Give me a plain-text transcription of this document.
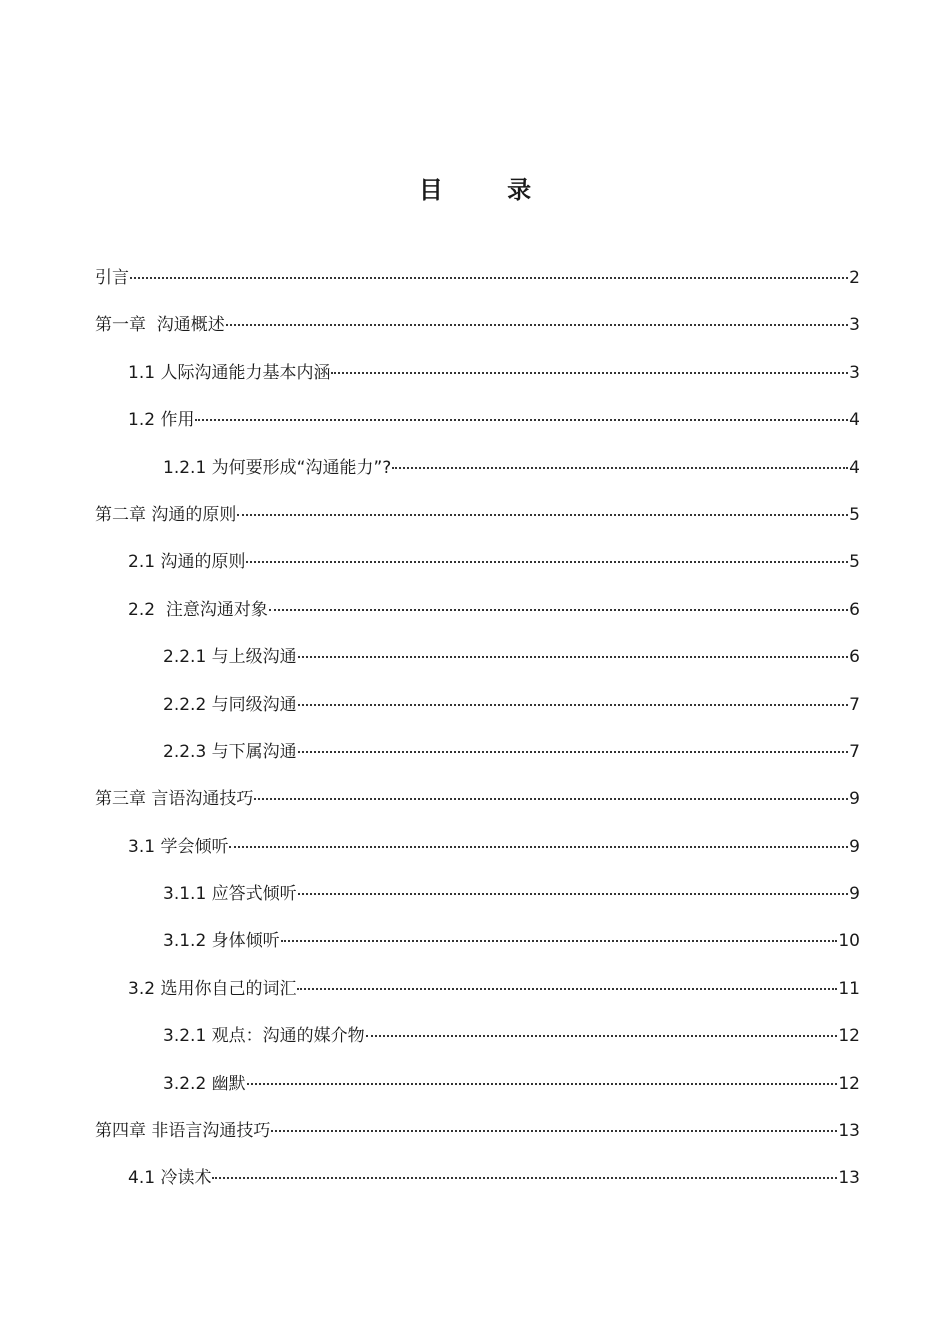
目 录
引言	2
第一章  沟通概述	3
1.1 人际沟通能力基本内涵	3
1.2 作用	4
1.2.1 为何要形成“沟通能力”?	4
第二章 沟通的原则	5
2.1 沟通的原则	5
2.2  注意沟通对象	6
2.2.1 与上级沟通	6
2.2.2 与同级沟通	7
2.2.3 与下属沟通	7
第三章 言语沟通技巧	9
3.1 学会倾听	9
3.1.1 应答式倾听	9
3.1.2 身体倾听	10
3.2 选用你自己的词汇	11
3.2.1 观点：沟通的媒介物	12
3.2.2 幽默	12
第四章 非语言沟通技巧	13
4.1 冷读术	13
